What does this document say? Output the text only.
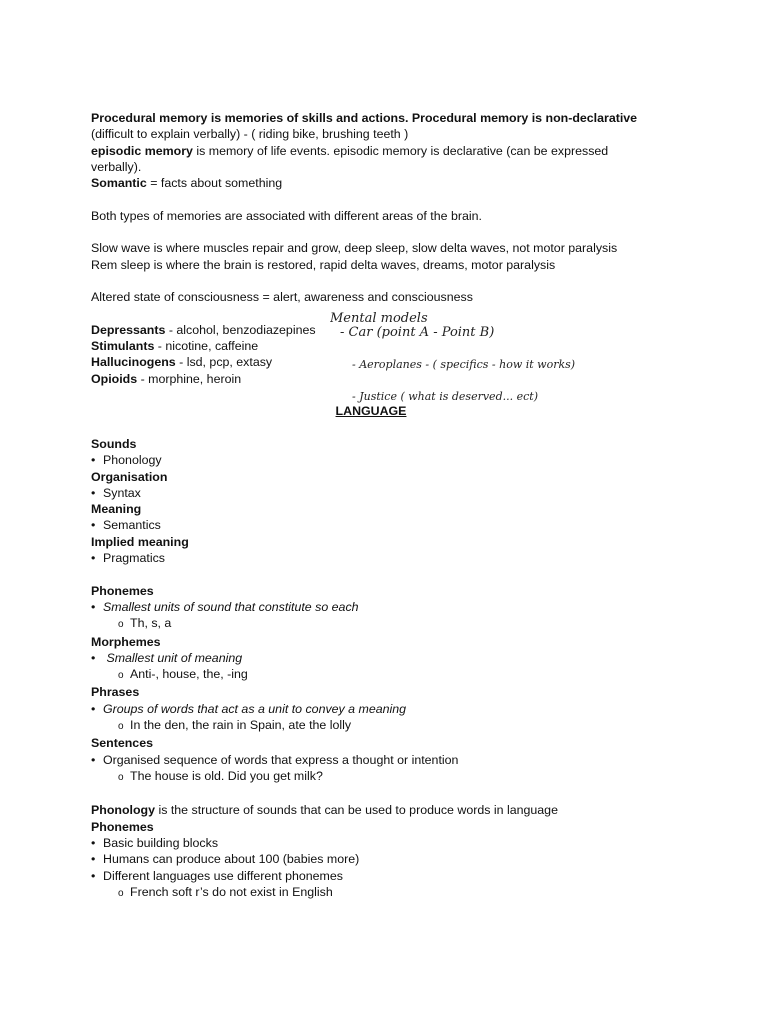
Procedural memory is memories of skills and actions. Procedural memory is non-declarative
(difficult to explain verbally) - ( riding bike, brushing teeth )
episodic memory is memory of life events. episodic memory is declarative (can be expressed
verbally).
Somantic = facts about something
Both types of memories are associated with different areas of the brain.
Slow wave is where muscles repair and grow, deep sleep, slow delta waves, not motor paralysis
Rem sleep is where the brain is restored, rapid delta waves, dreams, motor paralysis
Altered state of consciousness = alert, awareness and consciousness
Depressants - alcohol, benzodiazepines
Stimulants - nicotine, caffeine
Hallucinogens - lsd, pcp, extasy
Opioids - morphine, heroin
LANGUAGE
Sounds
• Phonology
Organisation
• Syntax
Meaning
• Semantics
Implied meaning
• Pragmatics
Phonemes
• Smallest units of sound that constitute so each
o Th, s, a
Morphemes
• Smallest unit of meaning
o Anti-, house, the, -ing
Phrases
• Groups of words that act as a unit to convey a meaning
o In the den, the rain in Spain, ate the lolly
Sentences
• Organised sequence of words that express a thought or intention
o The house is old. Did you get milk?
Phonology is the structure of sounds that can be used to produce words in language
Phonemes
• Basic building blocks
• Humans can produce about 100 (babies more)
• Different languages use different phonemes
o French soft r’s do not exist in English
Mental models
- Car (point A - Point B)
- Aeroplanes - ( specifics - how it works)
- Justice ( what is deserved... ect)
